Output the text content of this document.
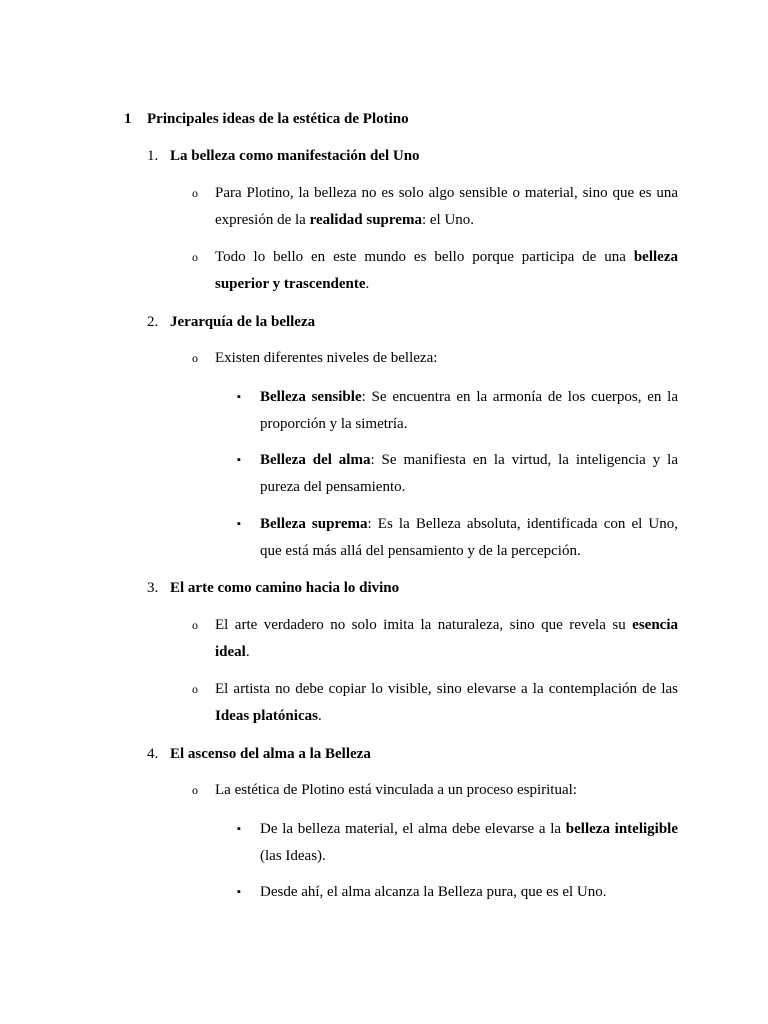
1 Principales ideas de la estética de Plotino
1. La belleza como manifestación del Uno
o Para Plotino, la belleza no es solo algo sensible o material, sino que es una expresión de la realidad suprema: el Uno.
o Todo lo bello en este mundo es bello porque participa de una belleza superior y trascendente.
2. Jerarquía de la belleza
o Existen diferentes niveles de belleza:
▪ Belleza sensible: Se encuentra en la armonía de los cuerpos, en la proporción y la simetría.
▪ Belleza del alma: Se manifiesta en la virtud, la inteligencia y la pureza del pensamiento.
▪ Belleza suprema: Es la Belleza absoluta, identificada con el Uno, que está más allá del pensamiento y de la percepción.
3. El arte como camino hacia lo divino
o El arte verdadero no solo imita la naturaleza, sino que revela su esencia ideal.
o El artista no debe copiar lo visible, sino elevarse a la contemplación de las Ideas platónicas.
4. El ascenso del alma a la Belleza
o La estética de Plotino está vinculada a un proceso espiritual:
▪ De la belleza material, el alma debe elevarse a la belleza inteligible (las Ideas).
▪ Desde ahí, el alma alcanza la Belleza pura, que es el Uno.
